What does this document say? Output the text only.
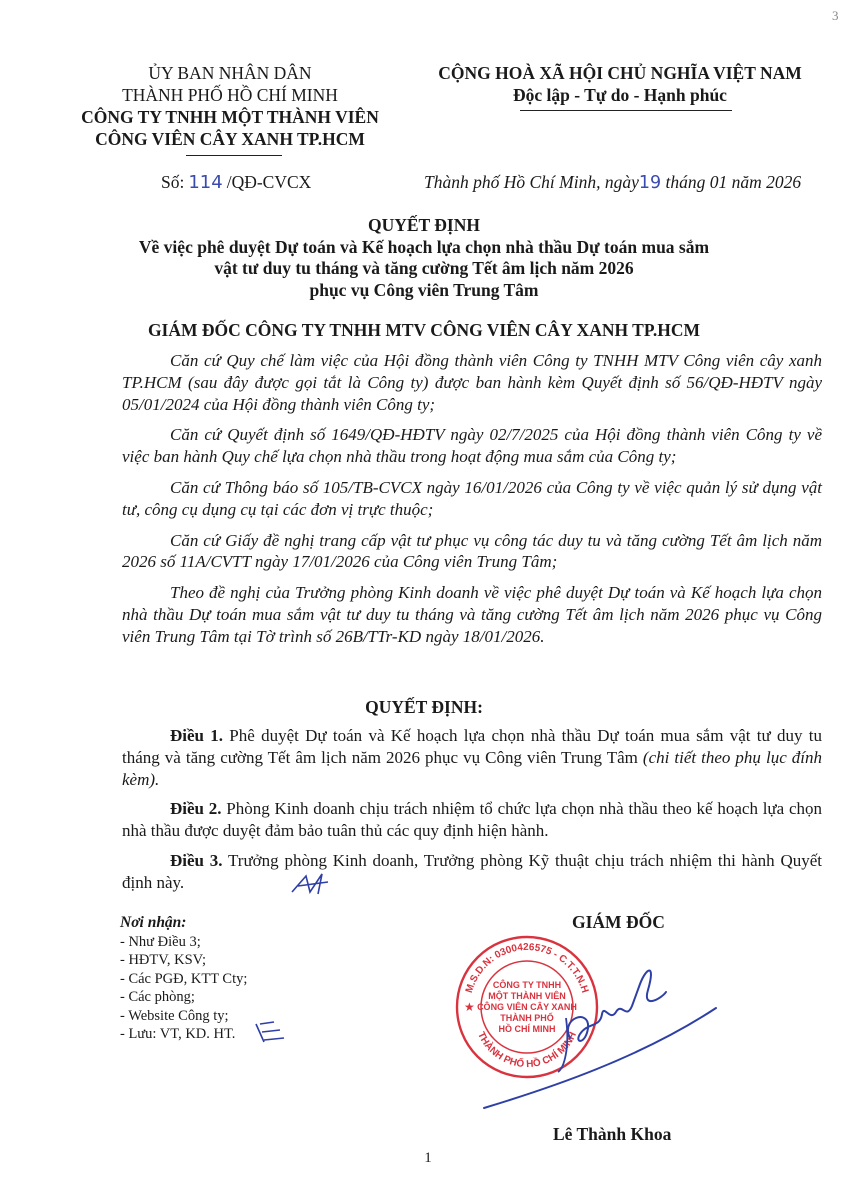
3
ỦY BAN NHÂN DÂN
THÀNH PHỐ HỒ CHÍ MINH
CÔNG TY TNHH MỘT THÀNH VIÊN
CÔNG VIÊN CÂY XANH TP.HCM
CỘNG HOÀ XÃ HỘI CHỦ NGHĨA VIỆT NAM
Độc lập - Tự do - Hạnh phúc
Số: 114 /QĐ-CVCX	Thành phố Hồ Chí Minh, ngày19 tháng 01 năm 2026
QUYẾT ĐỊNH
Về việc phê duyệt Dự toán và Kế hoạch lựa chọn nhà thầu Dự toán mua sắm
vật tư duy tu tháng và tăng cường Tết âm lịch năm 2026
phục vụ Công viên Trung Tâm
GIÁM ĐỐC CÔNG TY TNHH MTV CÔNG VIÊN CÂY XANH TP.HCM

Căn cứ Quy chế làm việc của Hội đồng thành viên Công ty TNHH MTV Công viên cây xanh TP.HCM (sau đây được gọi tắt là Công ty) được ban hành kèm Quyết định số 56/QĐ-HĐTV ngày 05/01/2024 của Hội đồng thành viên Công ty;

Căn cứ Quyết định số 1649/QĐ-HĐTV ngày 02/7/2025 của Hội đồng thành viên Công ty về việc ban hành Quy chế lựa chọn nhà thầu trong hoạt động mua sắm của Công ty;

Căn cứ Thông báo số 105/TB-CVCX ngày 16/01/2026 của Công ty về việc quản lý sử dụng vật tư, công cụ dụng cụ tại các đơn vị trực thuộc;

Căn cứ Giấy đề nghị trang cấp vật tư phục vụ công tác duy tu và tăng cường Tết âm lịch năm 2026 số 11A/CVTT ngày 17/01/2026 của Công viên Trung Tâm;

Theo đề nghị của Trưởng phòng Kinh doanh về việc phê duyệt Dự toán và Kế hoạch lựa chọn nhà thầu Dự toán mua sắm vật tư duy tu tháng và tăng cường Tết âm lịch năm 2026 phục vụ Công viên Trung Tâm tại Tờ trình số 26B/TTr-KD ngày 18/01/2026.

QUYẾT ĐỊNH:

Điều 1. Phê duyệt Dự toán và Kế hoạch lựa chọn nhà thầu Dự toán mua sắm vật tư duy tu tháng và tăng cường Tết âm lịch năm 2026 phục vụ Công viên Trung Tâm (chi tiết theo phụ lục đính kèm).

Điều 2. Phòng Kinh doanh chịu trách nhiệm tổ chức lựa chọn nhà thầu theo kế hoạch lựa chọn nhà thầu được duyệt đảm bảo tuân thủ các quy định hiện hành.

Điều 3. Trưởng phòng Kinh doanh, Trưởng phòng Kỹ thuật chịu trách nhiệm thi hành Quyết định này.

Nơi nhận:
- Như Điều 3;
- HĐTV, KSV;
- Các PGĐ, KTT Cty;
- Các phòng;
- Website Công ty;
- Lưu: VT, KD. HT.
GIÁM ĐỐC
M.S.D.N: 0300426575 - C.T.T.N.H
THÀNH PHỐ HỒ CHÍ MINH
★
CÔNG TY TNHH
MỘT THÀNH VIÊN
CÔNG VIÊN CÂY XANH
THÀNH PHỐ
HỒ CHÍ MINH
Lê Thành Khoa
1
